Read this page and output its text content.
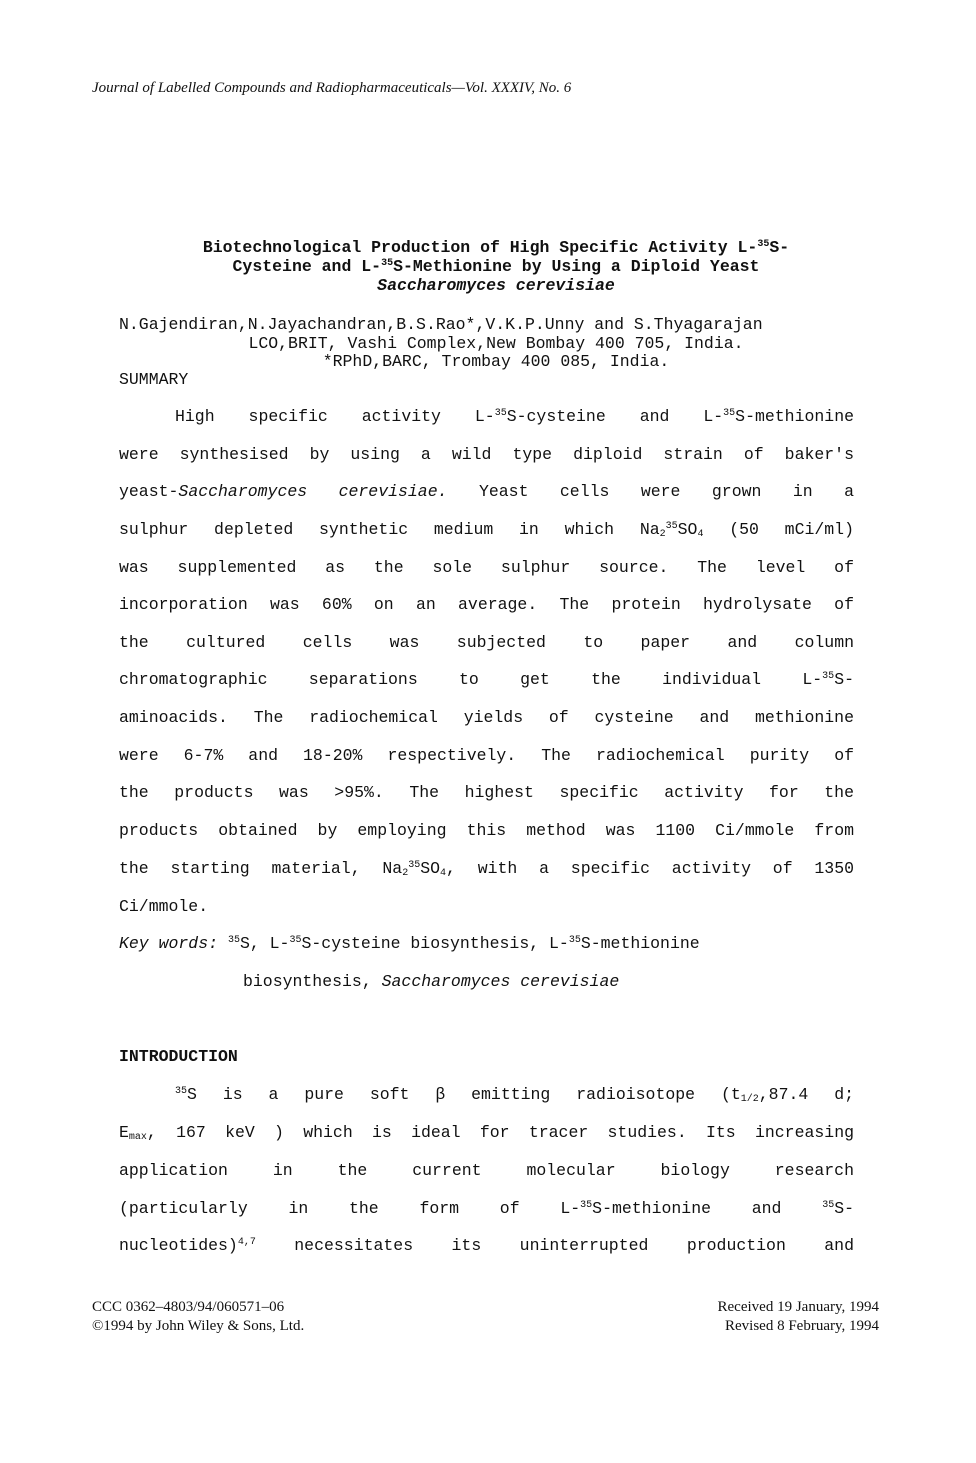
Journal of Labelled Compounds and Radiopharmaceuticals—Vol. XXXIV, No. 6
Biotechnological Production of High Specific Activity L-$^{35}$S-
Cysteine and L-$^{35}$S-Methionine by Using a Diploid Yeast
Saccharomyces cerevisiae
N.Gajendiran,N.Jayachandran,B.S.Rao*,V.K.P.Unny and S.Thyagarajan
LCO,BRIT, Vashi Complex,New Bombay 400 705, India.
*RPhD,BARC, Trombay 400 085, India.
SUMMARY
High specific activity L-$^{35}$S-cysteine and L-$^{35}$S-methionine
were synthesised by using a wild type diploid strain of baker's
yeast-Saccharomyces cerevisiae. Yeast cells were grown in a
sulphur depleted synthetic medium in which $Na_2^{35}SO_4$ (50 mCi/ml)
was supplemented as the sole sulphur source. The level of
incorporation was 60% on an average. The protein hydrolysate of
the cultured cells was subjected to paper and column
chromatographic separations to get the individual L-$^{35}$S-
aminoacids. The radiochemical yields of cysteine and methionine
were 6-7% and 18-20% respectively. The radiochemical purity of
the products was >95%. The highest specific activity for the
products obtained by employing this method was 1100 Ci/mmole from
the starting material, $Na_2^{35}SO_4$, with a specific activity of 1350
Ci/mmole.
Key words: $^{35}$S, L-$^{35}$S-cysteine biosynthesis, L-$^{35}$S-methionine
biosynthesis, Saccharomyces cerevisiae
INTRODUCTION
$^{35}$S is a pure soft β emitting radioisotope ($t_{1/2},87.4$ d;
$E_{max}$, 167 keV ) which is ideal for tracer studies. Its increasing
application in the current molecular biology research
(particularly in the form of L-$^{35}$S-methionine and $^{35}$S-
nucleotides)$^{4,7}$ necessitates its uninterrupted production and
CCC 0362–4803/94/060571–06
©1994 by John Wiley & Sons, Ltd.
Received 19 January, 1994
Revised 8 February, 1994
